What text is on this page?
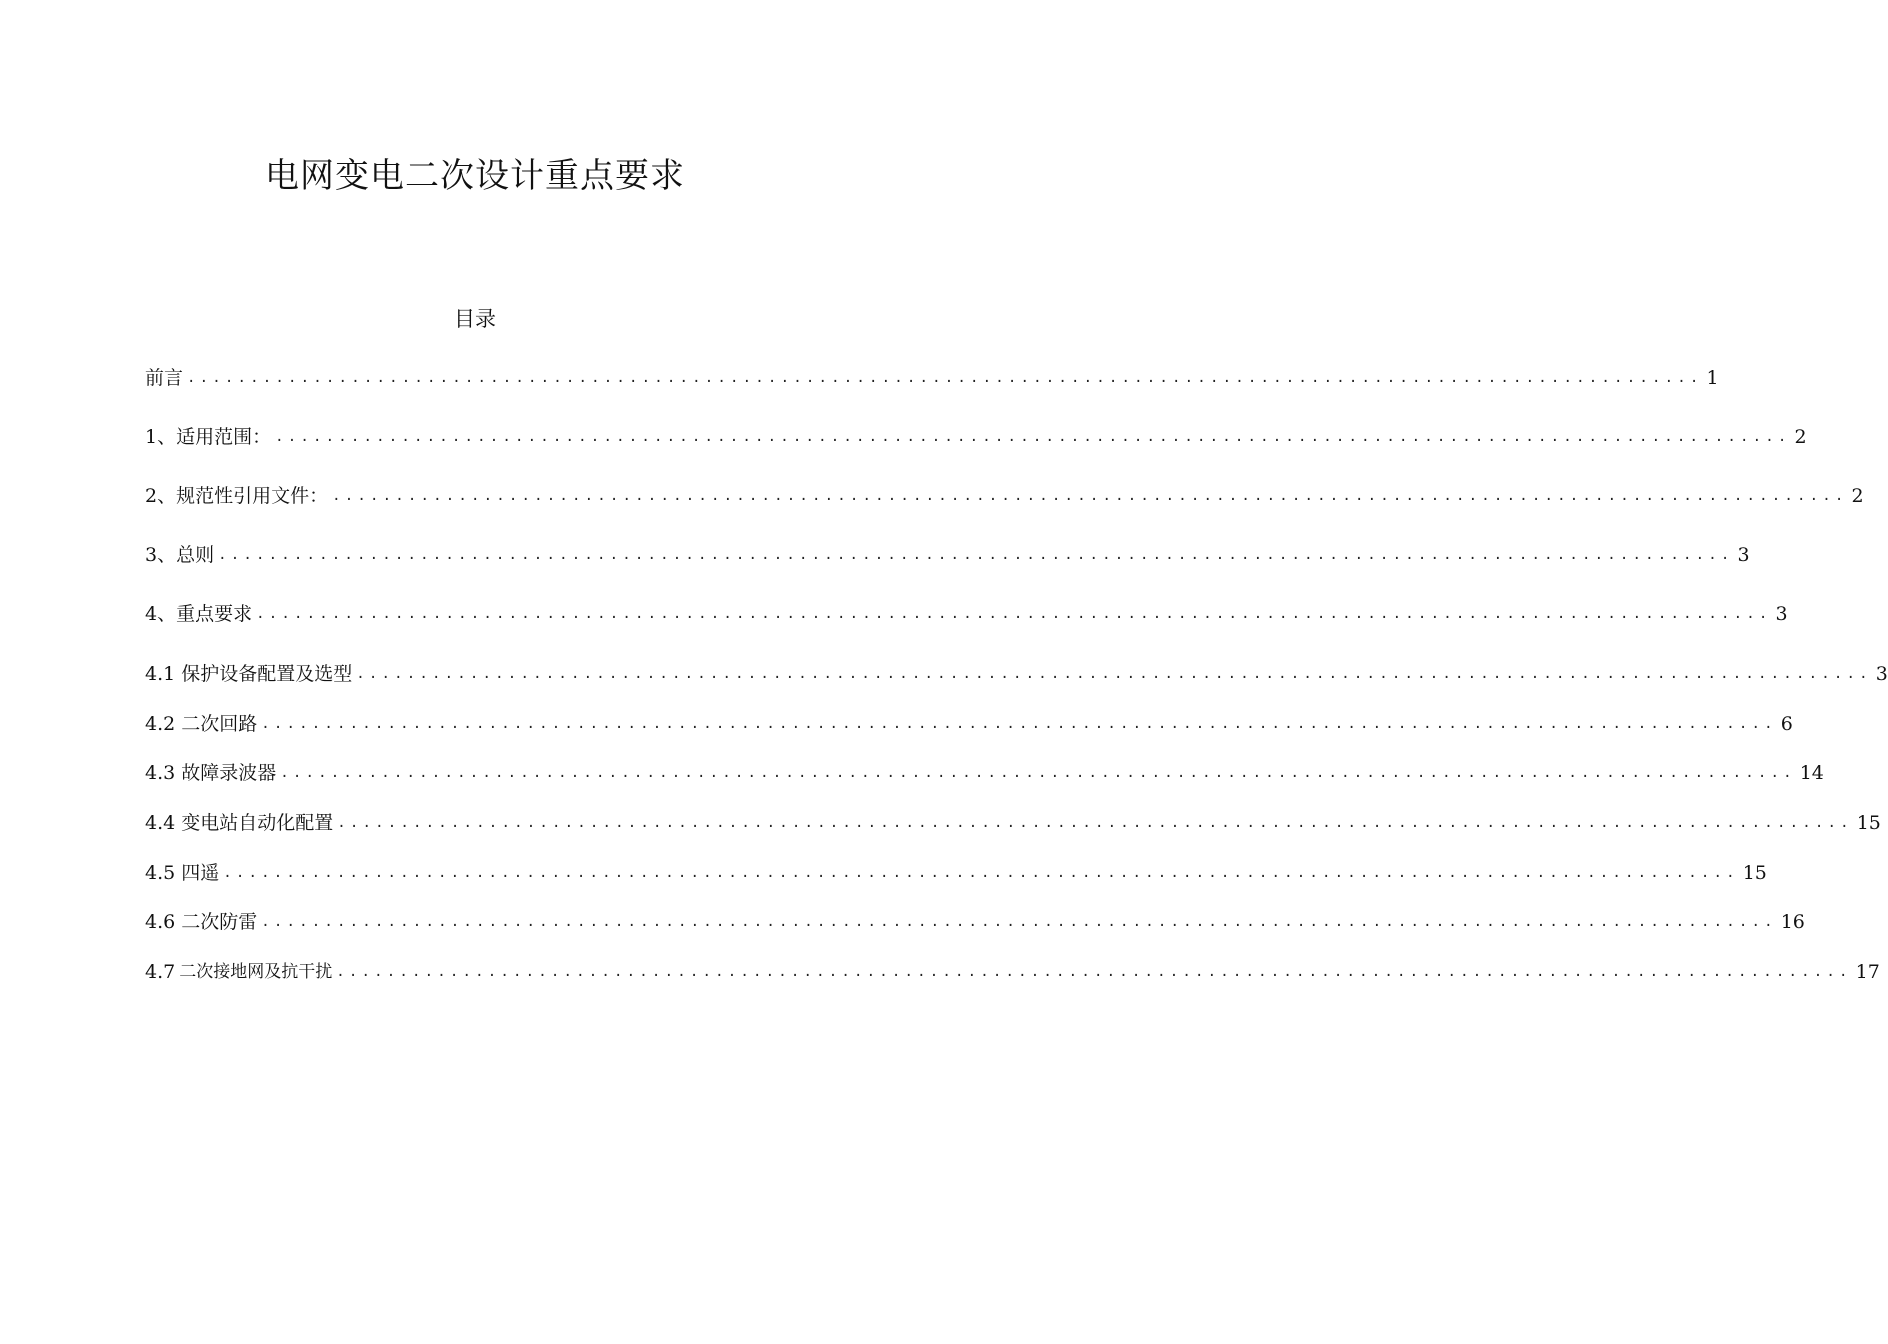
电网变电二次设计重点要求
目录
前言 ........................................................................................................................ 1
1、适用范围： ........................................................................................................................ 2
2、规范性引用文件： ........................................................................................................................ 2
3、总则 ........................................................................................................................ 3
4、重点要求 ........................................................................................................................ 3
4.1 保护设备配置及选型 ........................................................................................................................ 3
4.2 二次回路 ........................................................................................................................ 6
4.3 故障录波器 ........................................................................................................................ 14
4.4 变电站自动化配置 ........................................................................................................................ 15
4.5 四遥 ........................................................................................................................ 15
4.6 二次防雷 ........................................................................................................................ 16
4.7 二次接地网及抗干扰 ........................................................................................................................ 17
